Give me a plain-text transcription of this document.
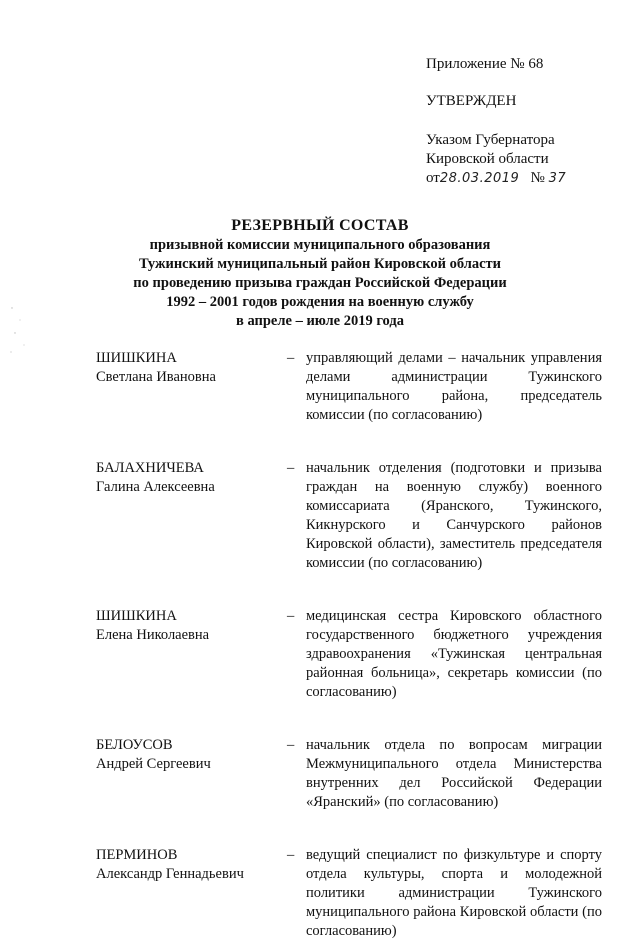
Приложение № 68
УТВЕРЖДЕН
Указом Губернатора
Кировской области
от28.03.2019 № 37
РЕЗЕРВНЫЙ СОСТАВ
призывной комиссии муниципального образования
Тужинский муниципальный район Кировской области
по проведению призыва граждан Российской Федерации
1992 – 2001 годов рождения на военную службу
в апреле – июле 2019 года
ШИШКИНА
Светлана Ивановна
– управляющий делами – начальник управления делами администрации Тужинского муниципального района, председатель комиссии (по согласованию)
БАЛАХНИЧЕВА
Галина Алексеевна
– начальник отделения (подготовки и призыва граждан на военную службу) военного комиссариата (Яранского, Тужинского, Кикнурского и Санчурского районов Кировской области), заместитель председателя комиссии (по согласованию)
ШИШКИНА
Елена Николаевна
– медицинская сестра Кировского областного государственного бюджетного учреждения здравоохранения «Тужинская центральная районная больница», секретарь комиссии (по согласованию)
БЕЛОУСОВ
Андрей Сергеевич
– начальник отдела по вопросам миграции Межмуниципального отдела Министерства внутренних дел Российской Федерации «Яранский» (по согласованию)
ПЕРМИНОВ
Александр Геннадьевич
– ведущий специалист по физкультуре и спорту отдела культуры, спорта и молодежной политики администрации Тужинского муниципального района Кировской области (по согласованию)
